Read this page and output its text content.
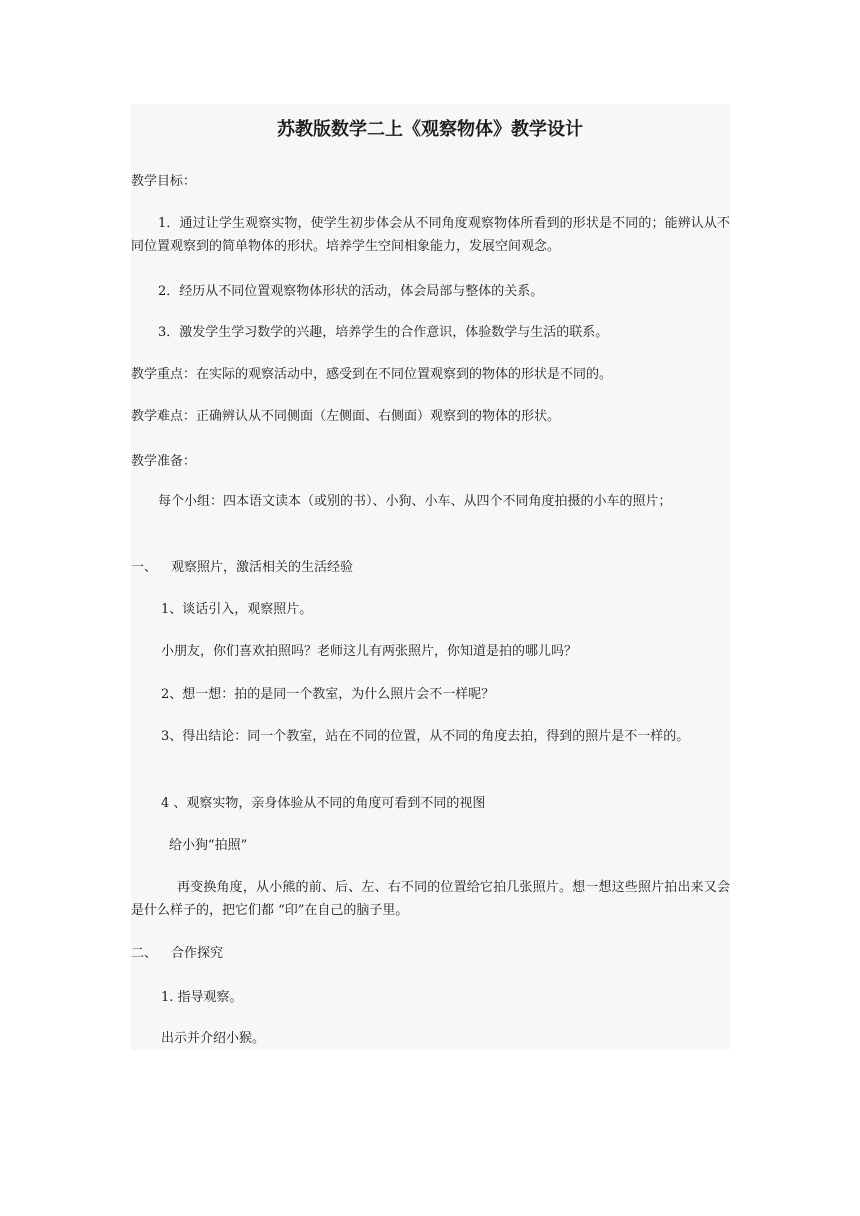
苏教版数学二上《观察物体》教学设计

教学目标：

1．通过让学生观察实物，使学生初步体会从不同角度观察物体所看到的形状是不同的；能辨认从不同位置观察到的简单物体的形状。培养学生空间相象能力，发展空间观念。

2．经历从不同位置观察物体形状的活动，体会局部与整体的关系。

3．激发学生学习数学的兴趣，培养学生的合作意识，体验数学与生活的联系。

教学重点：在实际的观察活动中，感受到在不同位置观察到的物体的形状是不同的。

教学难点：正确辨认从不同侧面（左侧面、右侧面）观察到的物体的形状。

教学准备：

每个小组：四本语文读本（或别的书）、小狗、小车、从四个不同角度拍摄的小车的照片；

一、 观察照片，激活相关的生活经验

1、谈话引入，观察照片。

小朋友，你们喜欢拍照吗？老师这儿有两张照片，你知道是拍的哪儿吗？

2、想一想：拍的是同一个教室，为什么照片会不一样呢？

3、得出结论：同一个教室，站在不同的位置，从不同的角度去拍，得到的照片是不一样的。

4 、观察实物，亲身体验从不同的角度可看到不同的视图

给小狗“拍照”

再变换角度，从小熊的前、后、左、右不同的位置给它拍几张照片。想一想这些照片拍出来又会是什么样子的，把它们都 “印”在自己的脑子里。

二、 合作探究

1. 指导观察。

出示并介绍小猴。
